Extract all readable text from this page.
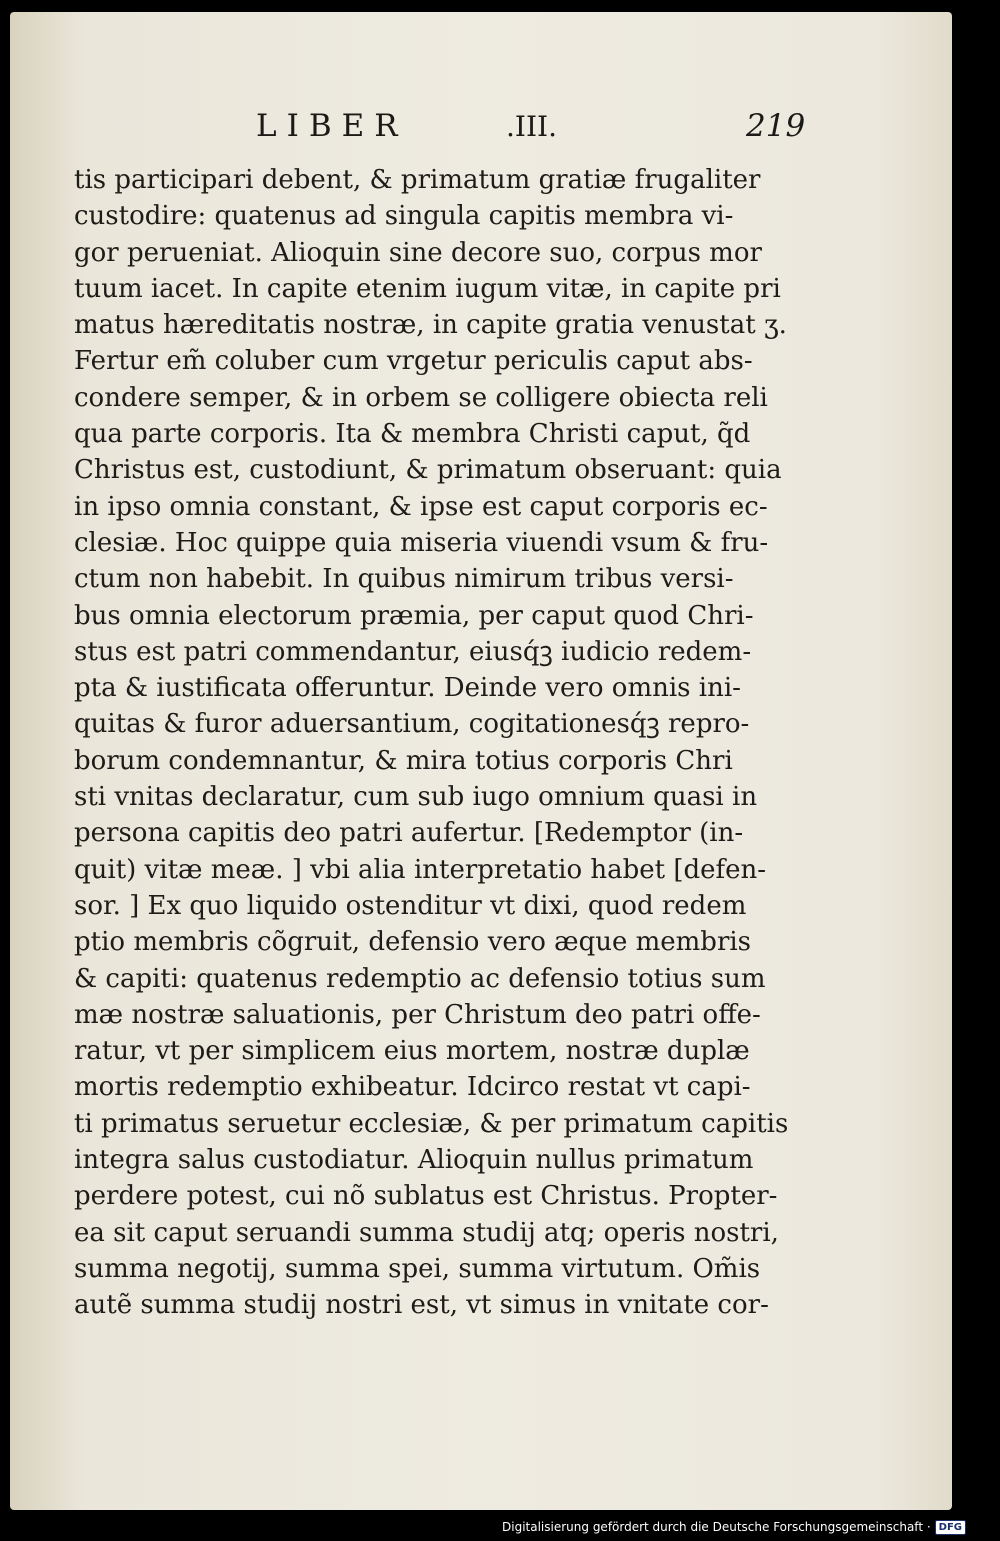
LIBER	.III.	219
tis participari debent, & primatum gratiæ frugaliter
custodire: quatenus ad singula capitis membra vi-
gor perueniat. Alioquin sine decore suo, corpus mor
tuum iacet. In capite etenim iugum vitæ, in capite pri
matus hæreditatis nostræ, in capite gratia venustat ʒ.
Fertur em̃ coluber cum vrgetur periculis caput abs-
condere semper, & in orbem se colligere obiecta reli
qua parte corporis. Ita & membra Christi caput, q̃d
Christus est, custodiunt, & primatum obseruant: quia
in ipso omnia constant, & ipse est caput corporis ec-
clesiæ. Hoc quippe quia miseria viuendi vsum & fru-
ctum non habebit. In quibus nimirum tribus versi-
bus omnia electorum præmia, per caput quod Chri-
stus est patri commendantur, eiusq́ꝫ iudicio redem-
pta & iustificata offeruntur. Deinde vero omnis ini-
quitas & furor aduersantium, cogitationesq́ꝫ repro-
borum condemnantur, & mira totius corporis Chri
sti vnitas declaratur, cum sub iugo omnium quasi in
persona capitis deo patri aufertur. [Redemptor (in-
quit) vitæ meæ. ] vbi alia interpretatio habet [defen-
sor. ] Ex quo liquido ostenditur vt dixi, quod redem
ptio membris cõgruit, defensio vero æque membris
& capiti: quatenus redemptio ac defensio totius sum
mæ nostræ saluationis, per Christum deo patri offe-
ratur, vt per simplicem eius mortem, nostræ duplæ
mortis redemptio exhibeatur. Idcirco restat vt capi-
ti primatus seruetur ecclesiæ, & per primatum capitis
integra salus custodiatur. Alioquin nullus primatum
perdere potest, cui nõ sublatus est Christus. Propter-
ea sit caput seruandi summa studij atq; operis nostri,
summa negotij, summa spei, summa virtutum. Om̃is
autẽ summa studij nostri est, vt simus in vnitate cor-
Digitalisierung gefördert durch die Deutsche Forschungsgemeinschaft · DFG
